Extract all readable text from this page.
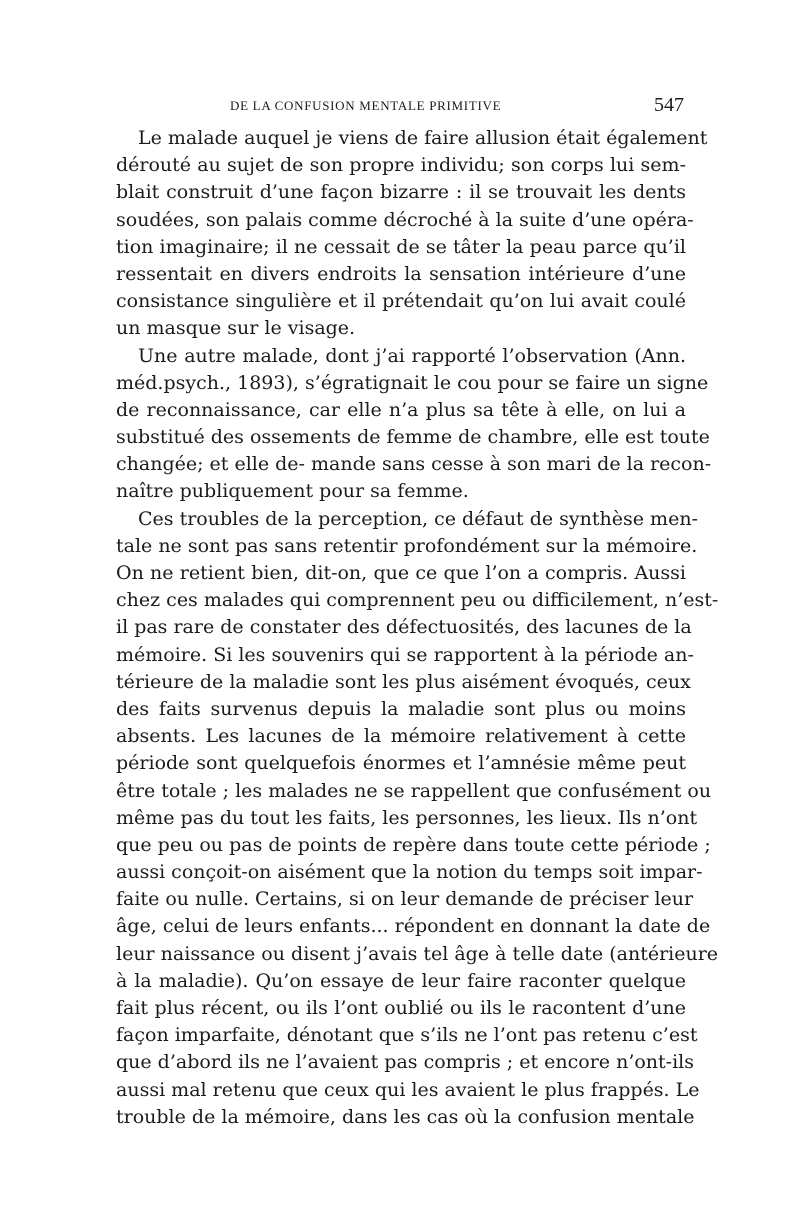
DE LA CONFUSION MENTALE PRIMITIVE	547
Le malade auquel je viens de faire allusion était également
dérouté au sujet de son propre individu; son corps lui sem-
blait construit d’une façon bizarre : il se trouvait les dents
soudées, son palais comme décroché à la suite d’une opéra-
tion imaginaire; il ne cessait de se tâter la peau parce qu’il
ressentait en divers endroits la sensation intérieure d’une
consistance singulière et il prétendait qu’on lui avait coulé
un masque sur le visage.
Une autre malade, dont j’ai rapporté l’observation (Ann.
méd.psych., 1893), s’égratignait le cou pour se faire un signe
de reconnaissance, car elle n’a plus sa tête à elle, on lui a
substitué des ossements de femme de chambre, elle est toute
changée; et elle de- mande sans cesse à son mari de la recon-
naître publiquement pour sa femme.
Ces troubles de la perception, ce défaut de synthèse men-
tale ne sont pas sans retentir profondément sur la mémoire.
On ne retient bien, dit-on, que ce que l’on a compris. Aussi
chez ces malades qui comprennent peu ou difficilement, n’est-
il pas rare de constater des défectuosités, des lacunes de la
mémoire. Si les souvenirs qui se rapportent à la période an-
térieure de la maladie sont les plus aisément évoqués, ceux
des faits survenus depuis la maladie sont plus ou moins
absents. Les lacunes de la mémoire relativement à cette
période sont quelquefois énormes et l’amnésie même peut
être totale ; les malades ne se rappellent que confusément ou
même pas du tout les faits, les personnes, les lieux. Ils n’ont
que peu ou pas de points de repère dans toute cette période ;
aussi conçoit-on aisément que la notion du temps soit impar-
faite ou nulle. Certains, si on leur demande de préciser leur
âge, celui de leurs enfants... répondent en donnant la date de
leur naissance ou disent j’avais tel âge à telle date (antérieure
à la maladie). Qu’on essaye de leur faire raconter quelque
fait plus récent, ou ils l’ont oublié ou ils le racontent d’une
façon imparfaite, dénotant que s’ils ne l’ont pas retenu c’est
que d’abord ils ne l’avaient pas compris ; et encore n’ont-ils
aussi mal retenu que ceux qui les avaient le plus frappés. Le
trouble de la mémoire, dans les cas où la confusion mentale
